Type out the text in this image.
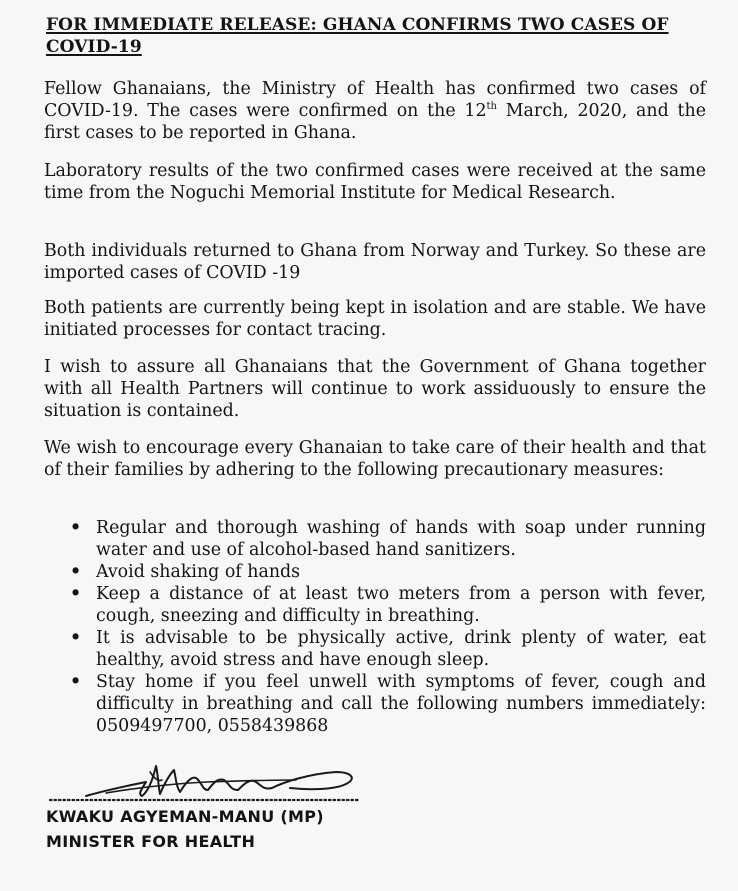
FOR IMMEDIATE RELEASE: GHANA CONFIRMS TWO CASES OF COVID-19

Fellow Ghanaians, the Ministry of Health has confirmed two cases of COVID-19. The cases were confirmed on the 12th March, 2020, and the first cases to be reported in Ghana.

Laboratory results of the two confirmed cases were received at the same time from the Noguchi Memorial Institute for Medical Research.

Both individuals returned to Ghana from Norway and Turkey. So these are imported cases of COVID -19

Both patients are currently being kept in isolation and are stable. We have initiated processes for contact tracing.

I wish to assure all Ghanaians that the Government of Ghana together with all Health Partners will continue to work assiduously to ensure the situation is contained.

We wish to encourage every Ghanaian to take care of their health and that of their families by adhering to the following precautionary measures:

• Regular and thorough washing of hands with soap under running water and use of alcohol-based hand sanitizers.
• Avoid shaking of hands
• Keep a distance of at least two meters from a person with fever, cough, sneezing and difficulty in breathing.
• It is advisable to be physically active, drink plenty of water, eat healthy, avoid stress and have enough sleep.
• Stay home if you feel unwell with symptoms of fever, cough and difficulty in breathing and call the following numbers immediately: 0509497700, 0558439868

KWAKU AGYEMAN-MANU (MP)

MINISTER FOR HEALTH
